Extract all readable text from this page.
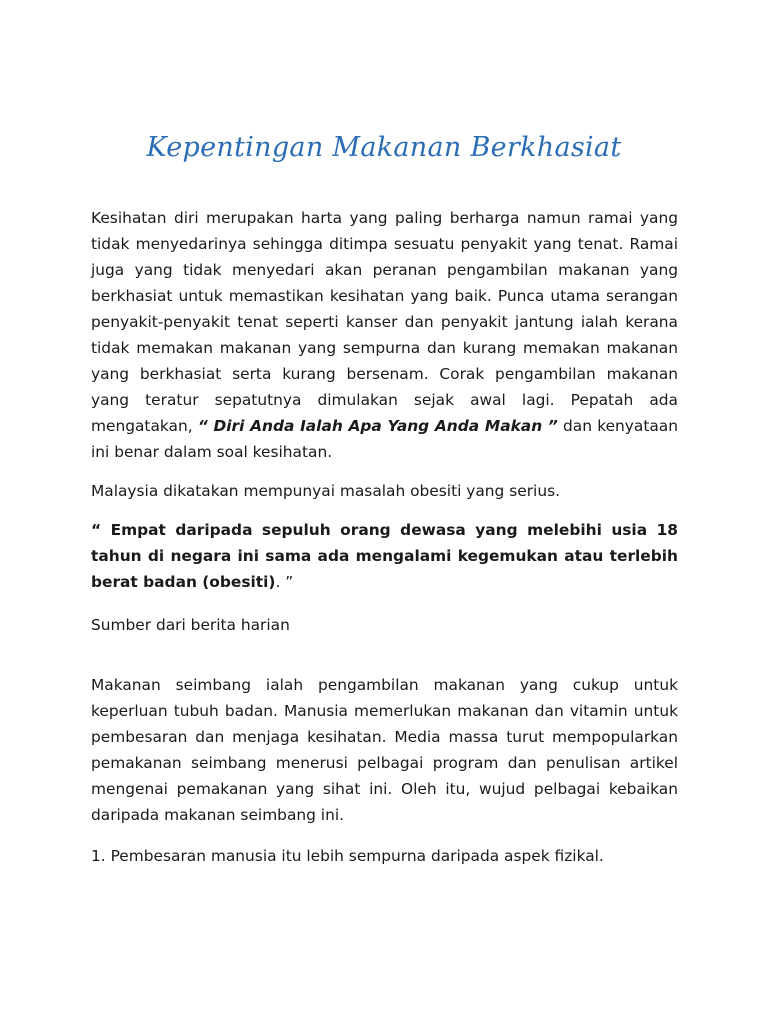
Kepentingan Makanan Berkhasiat
Kesihatan diri merupakan harta yang paling berharga namun ramai yang tidak menyedarinya sehingga ditimpa sesuatu penyakit yang tenat. Ramai juga yang tidak menyedari akan peranan pengambilan makanan yang berkhasiat untuk memastikan kesihatan yang baik. Punca utama serangan penyakit-penyakit tenat seperti kanser dan penyakit jantung ialah kerana tidak memakan makanan yang sempurna dan kurang memakan makanan yang berkhasiat serta kurang bersenam. Corak pengambilan makanan yang teratur sepatutnya dimulakan sejak awal lagi. Pepatah ada mengatakan, “ Diri Anda Ialah Apa Yang Anda Makan ” dan kenyataan ini benar dalam soal kesihatan.
Malaysia dikatakan mempunyai masalah obesiti yang serius.
“ Empat daripada sepuluh orang dewasa yang melebihi usia 18 tahun di negara ini sama ada mengalami kegemukan atau terlebih berat badan (obesiti). ”
Sumber dari berita harian
Makanan seimbang ialah pengambilan makanan yang cukup untuk keperluan tubuh badan. Manusia memerlukan makanan dan vitamin untuk pembesaran dan menjaga kesihatan. Media massa turut mempopularkan pemakanan seimbang menerusi pelbagai program dan penulisan artikel mengenai pemakanan yang sihat ini. Oleh itu, wujud pelbagai kebaikan daripada makanan seimbang ini.
1. Pembesaran manusia itu lebih sempurna daripada aspek fizikal.
